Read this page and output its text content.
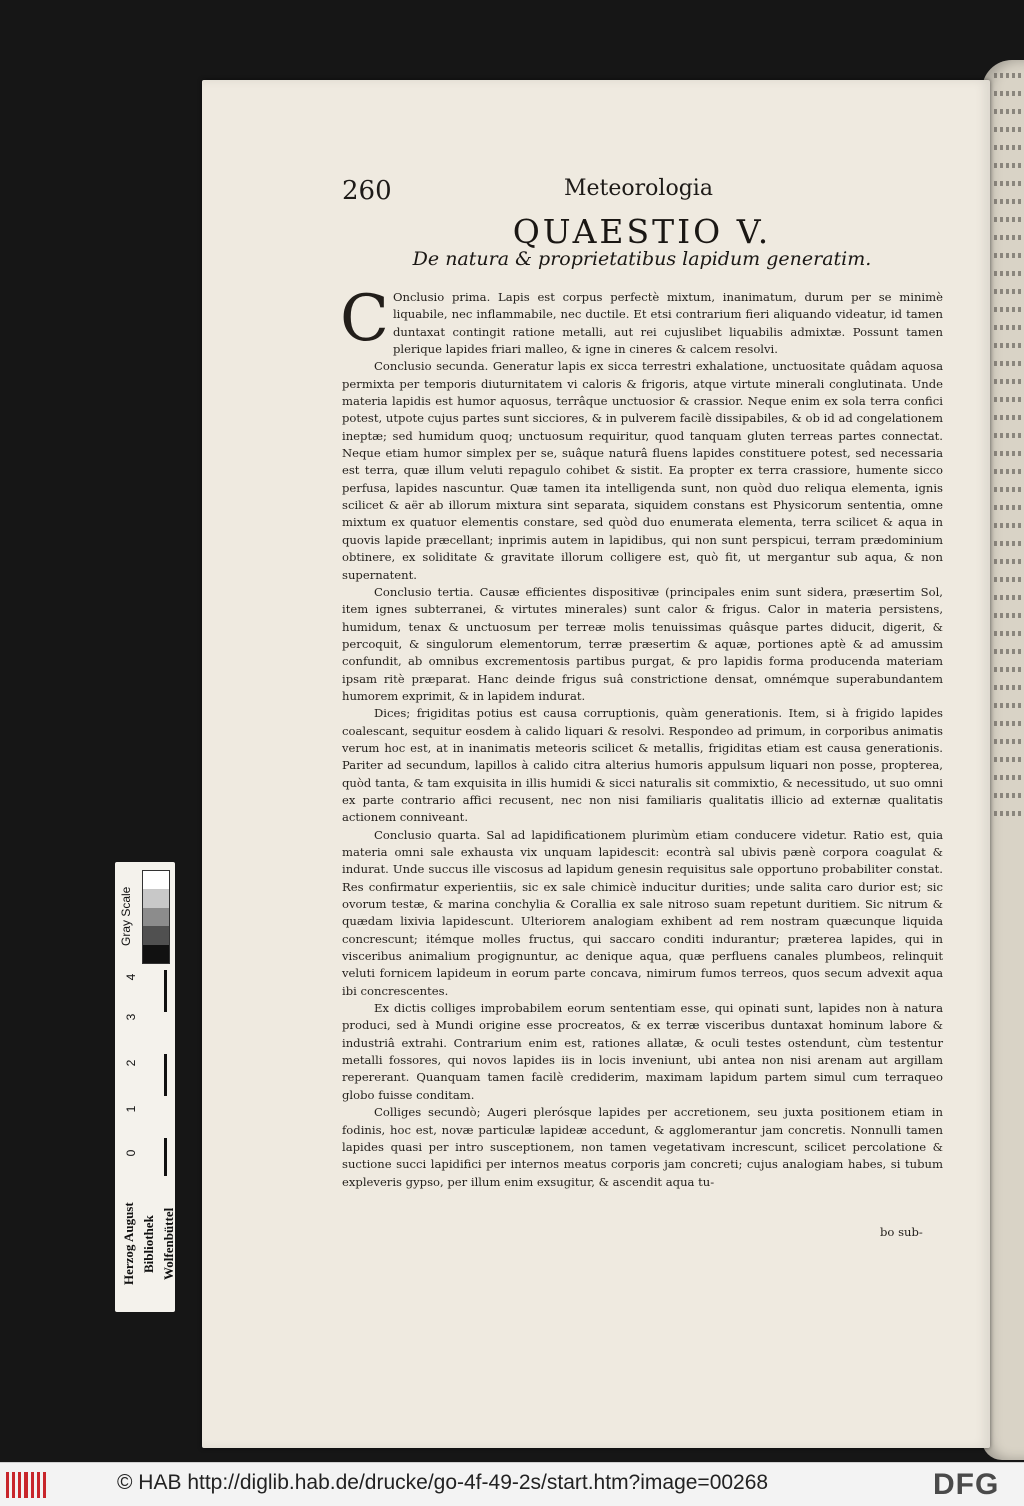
260	Meteorologia
QUAESTIO V.
De natura & proprietatibus lapidum generatim.

C Onclusio prima. Lapis est corpus perfectè mixtum, inanimatum, durum per se minimè liquabile, nec inflammabile, nec ductile. Et etsi contrarium fieri aliquando videatur, id tamen duntaxat contingit ratione metalli, aut rei cujuslibet liquabilis admixtæ. Possunt tamen plerique lapides friari malleo, & igne in cineres & calcem resolvi.

Conclusio secunda. Generatur lapis ex sicca terrestri exhalatione, unctuositate quâdam aquosa permixta per temporis diuturnitatem vi caloris & frigoris, atque virtute minerali conglutinata. Unde materia lapidis est humor aquosus, terrâque unctuosior & crassior. Neque enim ex sola terra confici potest, utpote cujus partes sunt sicciores, & in pulverem facilè dissipabiles, & ob id ad congelationem ineptæ; sed humidum quoq; unctuosum requiritur, quod tanquam gluten terreas partes connectat. Neque etiam humor simplex per se, suâque naturâ fluens lapides constituere potest, sed necessaria est terra, quæ illum veluti repagulo cohibet & sistit. Ea propter ex terra crassiore, humente sicco perfusa, lapides nascuntur. Quæ tamen ita intelligenda sunt, non quòd duo reliqua elementa, ignis scilicet & aër ab illorum mixtura sint separata, siquidem constans est Physicorum sententia, omne mixtum ex quatuor elementis constare, sed quòd duo enumerata elementa, terra scilicet & aqua in quovis lapide præcellant; inprimis autem in lapidibus, qui non sunt perspicui, terram prædominium obtinere, ex soliditate & gravitate illorum colligere est, quò fit, ut mergantur sub aqua, & non supernatent.

Conclusio tertia. Causæ efficientes dispositivæ (principales enim sunt sidera, præsertim Sol, item ignes subterranei, & virtutes minerales) sunt calor & frigus. Calor in materia persistens, humidum, tenax & unctuosum per terreæ molis tenuissimas quâsque partes diducit, digerit, & percoquit, & singulorum elementorum, terræ præsertim & aquæ, portiones aptè & ad amussim confundit, ab omnibus excrementosis partibus purgat, & pro lapidis forma producenda materiam ipsam ritè præparat. Hanc deinde frigus suâ constrictione densat, omnémque superabundantem humorem exprimit, & in lapidem indurat.

Dices; frigiditas potius est causa corruptionis, quàm generationis. Item, si à frigido lapides coalescant, sequitur eosdem à calido liquari & resolvi. Respondeo ad primum, in corporibus animatis verum hoc est, at in inanimatis meteoris scilicet & metallis, frigiditas etiam est causa generationis. Pariter ad secundum, lapillos à calido citra alterius humoris appulsum liquari non posse, propterea, quòd tanta, & tam exquisita in illis humidi & sicci naturalis sit commixtio, & necessitudo, ut suo omni ex parte contrario affici recusent, nec non nisi familiaris qualitatis illicio ad externæ qualitatis actionem conniveant.

Conclusio quarta. Sal ad lapidificationem plurimùm etiam conducere videtur. Ratio est, quia materia omni sale exhausta vix unquam lapidescit: econtrà sal ubivis pænè corpora coagulat & indurat. Unde succus ille viscosus ad lapidum genesin requisitus sale opportuno probabiliter constat. Res confirmatur experientiis, sic ex sale chimicè inducitur durities; unde salita caro durior est; sic ovorum testæ, & marina conchylia & Corallia ex sale nitroso suam repetunt duritiem. Sic nitrum & quædam lixivia lapidescunt. Ulteriorem analogiam exhibent ad rem nostram quæcunque liquida concrescunt; itémque molles fructus, qui saccaro conditi indurantur; præterea lapides, qui in visceribus animalium progignuntur, ac denique aqua, quæ perfluens canales plumbeos, relinquit veluti fornicem lapideum in eorum parte concava, nimirum fumos terreos, quos secum advexit aqua ibi concrescentes.

Ex dictis colliges improbabilem eorum sententiam esse, qui opinati sunt, lapides non à natura produci, sed à Mundi origine esse procreatos, & ex terræ visceribus duntaxat hominum labore & industriâ extrahi. Contrarium enim est, rationes allatæ, & oculi testes ostendunt, cùm testentur metalli fossores, qui novos lapides iis in locis inveniunt, ubi antea non nisi arenam aut argillam repererant. Quanquam tamen facilè crediderim, maximam lapidum partem simul cum terraqueo globo fuisse conditam.

Colliges secundò; Augeri plerósque lapides per accretionem, seu juxta positionem etiam in fodinis, hoc est, novæ particulæ lapideæ accedunt, & agglomerantur jam concretis. Nonnulli tamen lapides quasi per intro susceptionem, non tamen vegetativam increscunt, scilicet percolatione & suctione succi lapidifici per internos meatus corporis jam concreti; cujus analogiam habes, si tubum expleveris gypso, per illum enim exsugitur, & ascendit aqua tu-

bo sub-
Gray Scale
4
3
2
1
0
Herzog August Bibliothek Wolfenbüttel
© HAB http://diglib.hab.de/drucke/go-4f-49-2s/start.htm?image=00268	DFG
